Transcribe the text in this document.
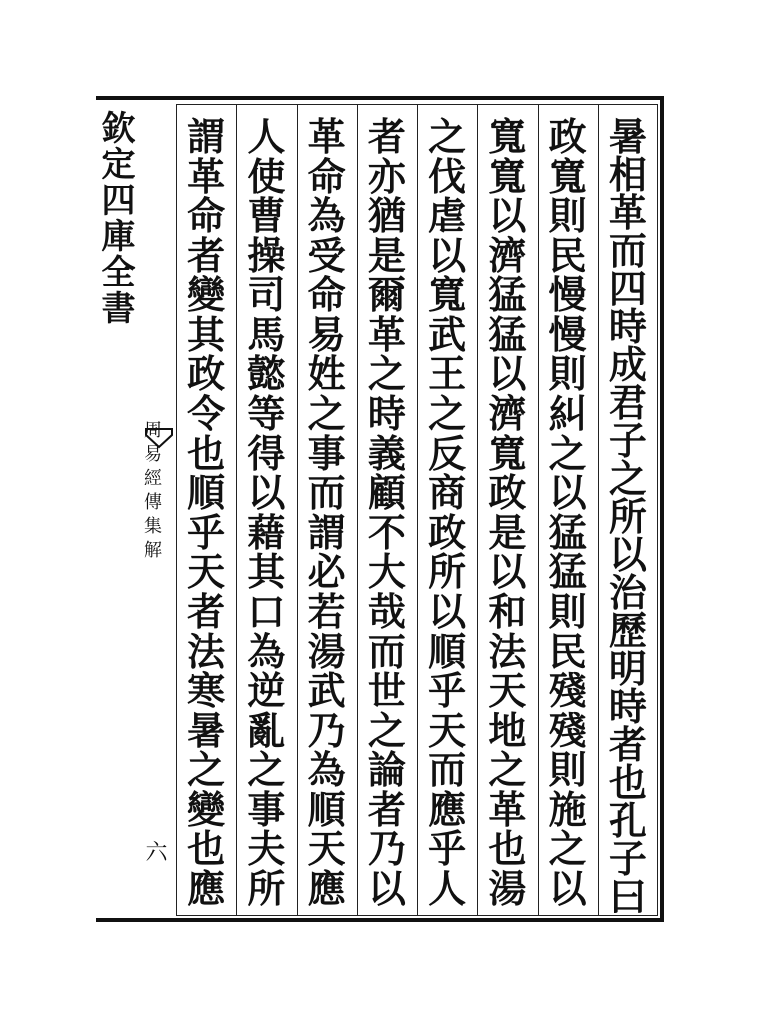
欽定四庫全書
周易經傳集解
六
暑
相
革
而
四
時
成
君
子
之
所
以
治
歷
明
時
者
也
孔
子
曰
政
寬
則
民
慢
慢
則
糾
之
以
猛
猛
則
民
殘
殘
則
施
之
以
寬
寬
以
濟
猛
猛
以
濟
寬
政
是
以
和
法
天
地
之
革
也
湯
之
伐
虐
以
寬
武
王
之
反
商
政
所
以
順
乎
天
而
應
乎
人
者
亦
猶
是
爾
革
之
時
義
顧
不
大
哉
而
世
之
論
者
乃
以
革
命
為
受
命
易
姓
之
事
而
謂
必
若
湯
武
乃
為
順
天
應
人
使
曹
操
司
馬
懿
等
得
以
藉
其
口
為
逆
亂
之
事
夫
所
謂
革
命
者
變
其
政
令
也
順
乎
天
者
法
寒
暑
之
變
也
應
